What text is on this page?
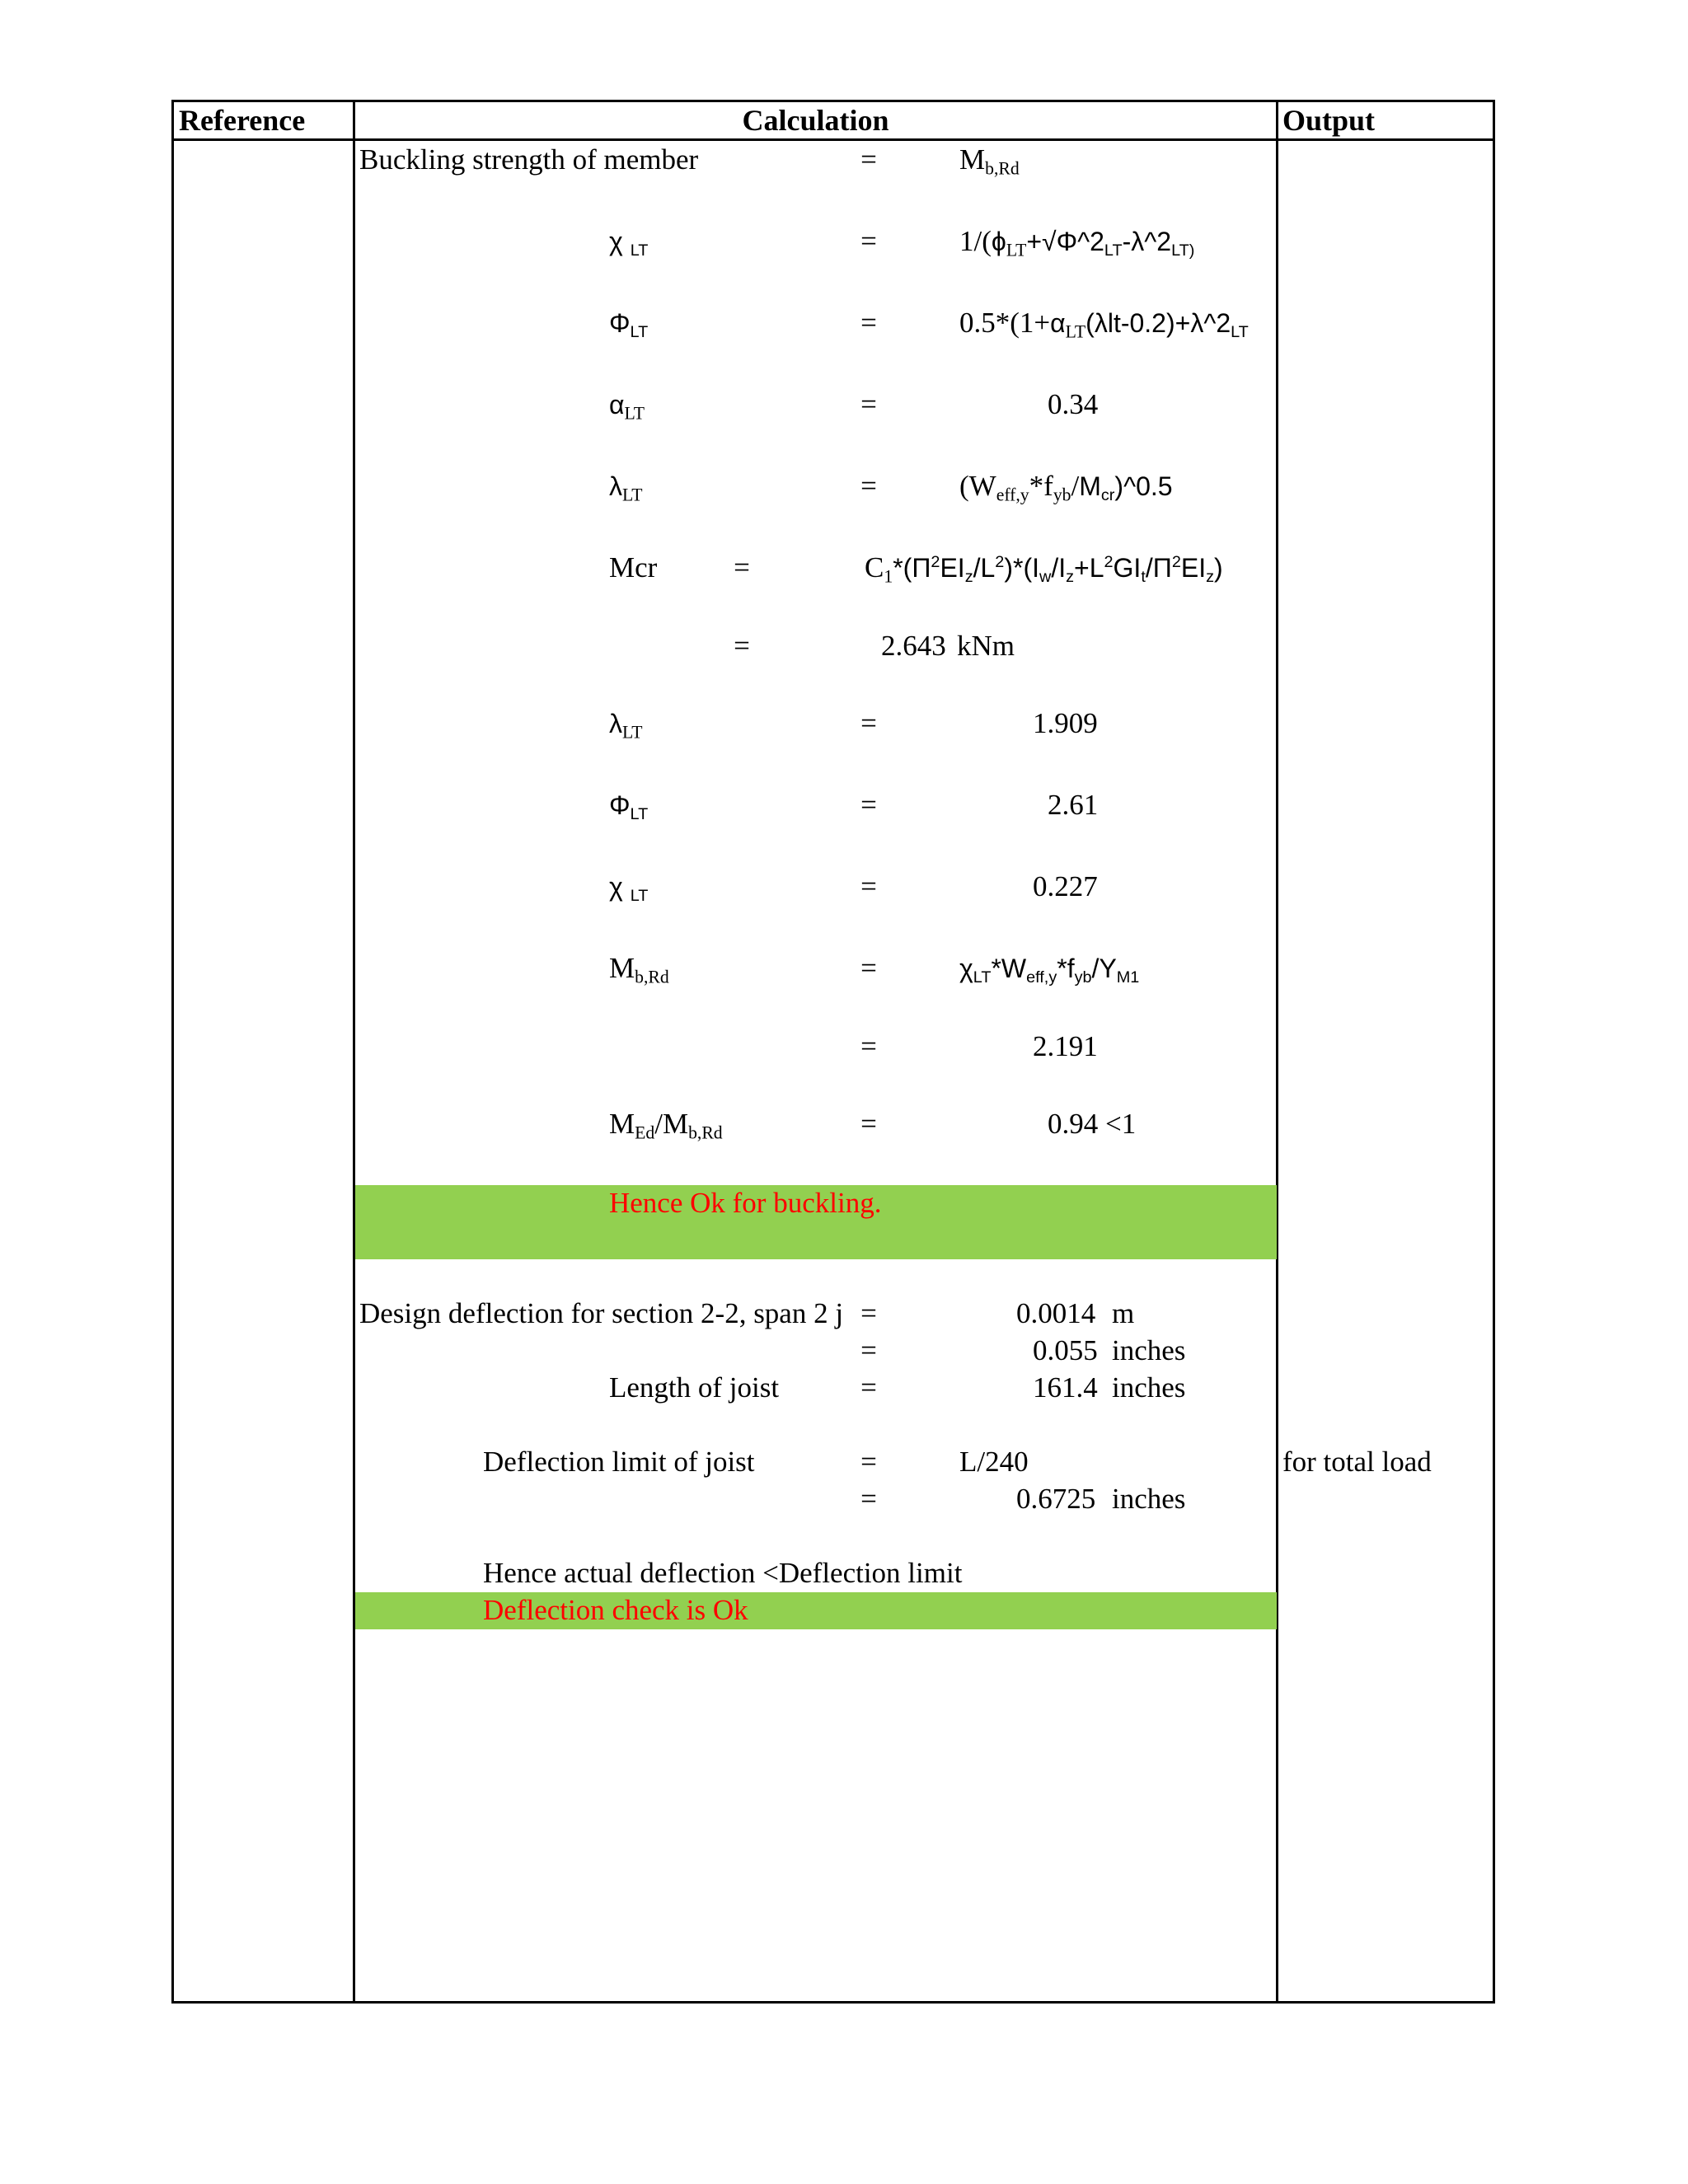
Reference	Calculation	Output
Buckling strength of member	=	$M_{b,Rd}$
χ $_{LT}$	=	$1/(\phi_{LT}+√\Phi\^{}2_{LT}-\lambda\^{}2_{LT)}$
$\Phi_{LT}$	=	$0.5*(1+\alpha_{LT}(\lambda lt-0.2)+\lambda\^{}2_{LT}$
$\alpha_{LT}$	=	0.34
$\lambda_{LT}$	=	$(W_{eff,y}*f_{yb}/M_{cr})\^{}0.5$
Mcr	=	$C_1*(\Pi^2EI_z/L^2)*(I_w/I_z+L^2GI_t/\Pi^2EI_z)$
=	2.643 kNm
$\lambda_{LT}$	=	1.909
$\Phi_{LT}$	=	2.61
χ $_{LT}$	=	0.227
$M_{b,Rd}$	=	$\chi_{LT}*W_{eff,y}*f_{yb}/\Upsilon_{M1}$
=	2.191
$M_{Ed}/M_{b,Rd}$	=	0.94 <1
Hence Ok for buckling.
Design deflection for section 2-2, span 2 j =	0.0014 m
=	0.055 inches
Length of joist	=	161.4 inches
Deflection limit of joist	=	L/240	for total load
=	0.6725 inches
Hence actual deflection <Deflection limit
Deflection check is Ok
